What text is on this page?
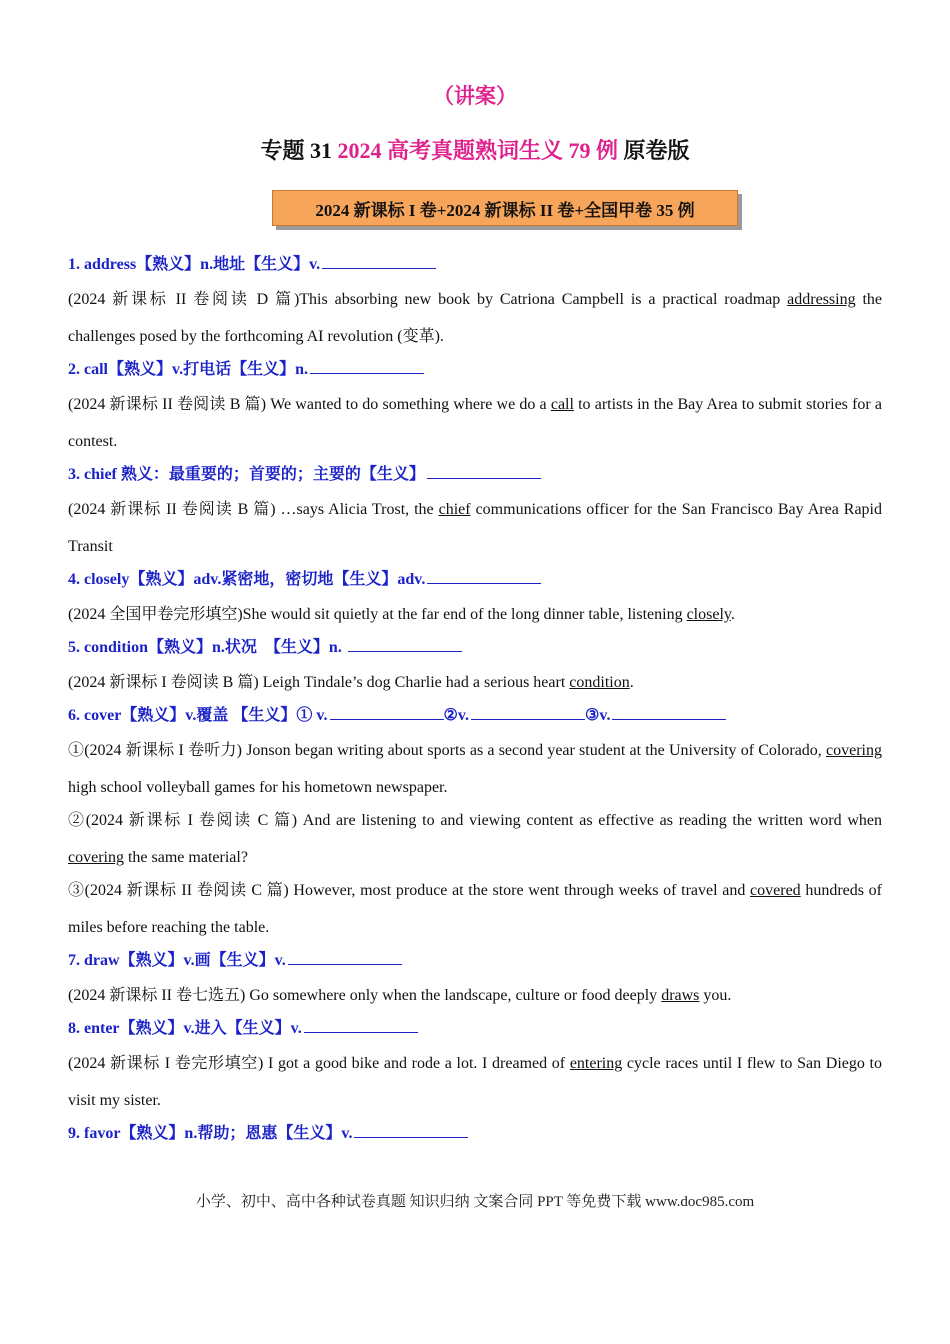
（讲案）
专题 31 2024 高考真题熟词生义 79 例 原卷版
2024 新课标 I 卷+2024 新课标 II 卷+全国甲卷 35 例
1. address【熟义】n.地址【生义】v.
(2024 新课标 II 卷阅读 D 篇)This absorbing new book by Catriona Campbell is a practical roadmap addressing the challenges posed by the forthcoming AI revolution (变革).
2. call【熟义】v.打电话【生义】n.
(2024 新课标 II 卷阅读 B 篇) We wanted to do something where we do a call to artists in the Bay Area to submit stories for a contest.
3. chief 熟义：最重要的；首要的；主要的【生义】
(2024 新课标 II 卷阅读 B 篇) …says Alicia Trost, the chief communications officer for the San Francisco Bay Area Rapid Transit
4. closely【熟义】adv.紧密地，密切地【生义】adv.
(2024 全国甲卷完形填空)She would sit quietly at the far end of the long dinner table, listening closely.
5. condition【熟义】n.状况　【生义】n.
(2024 新课标 I 卷阅读 B 篇) Leigh Tindale’s dog Charlie had a serious heart condition.
6. cover【熟义】v.覆盖 【生义】① v.	②v.	③v.
①(2024 新课标 I 卷听力) Jonson began writing about sports as a second year student at the University of Colorado, covering high school volleyball games for his hometown newspaper.
②(2024 新课标 I 卷阅读 C 篇) And are listening to and viewing content as effective as reading the written word when covering the same material?
③(2024 新课标 II 卷阅读 C 篇) However, most produce at the store went through weeks of travel and covered hundreds of miles before reaching the table.
7. draw【熟义】v.画【生义】v.
(2024 新课标 II 卷七选五) Go somewhere only when the landscape, culture or food deeply draws you.
8. enter【熟义】v.进入【生义】v.
(2024 新课标 I 卷完形填空) I got a good bike and rode a lot. I dreamed of entering cycle races until I flew to San Diego to visit my sister.
9. favor【熟义】n.帮助；恩惠【生义】v.
小学、初中、高中各种试卷真题 知识归纳 文案合同 PPT 等免费下载 www.doc985.com
